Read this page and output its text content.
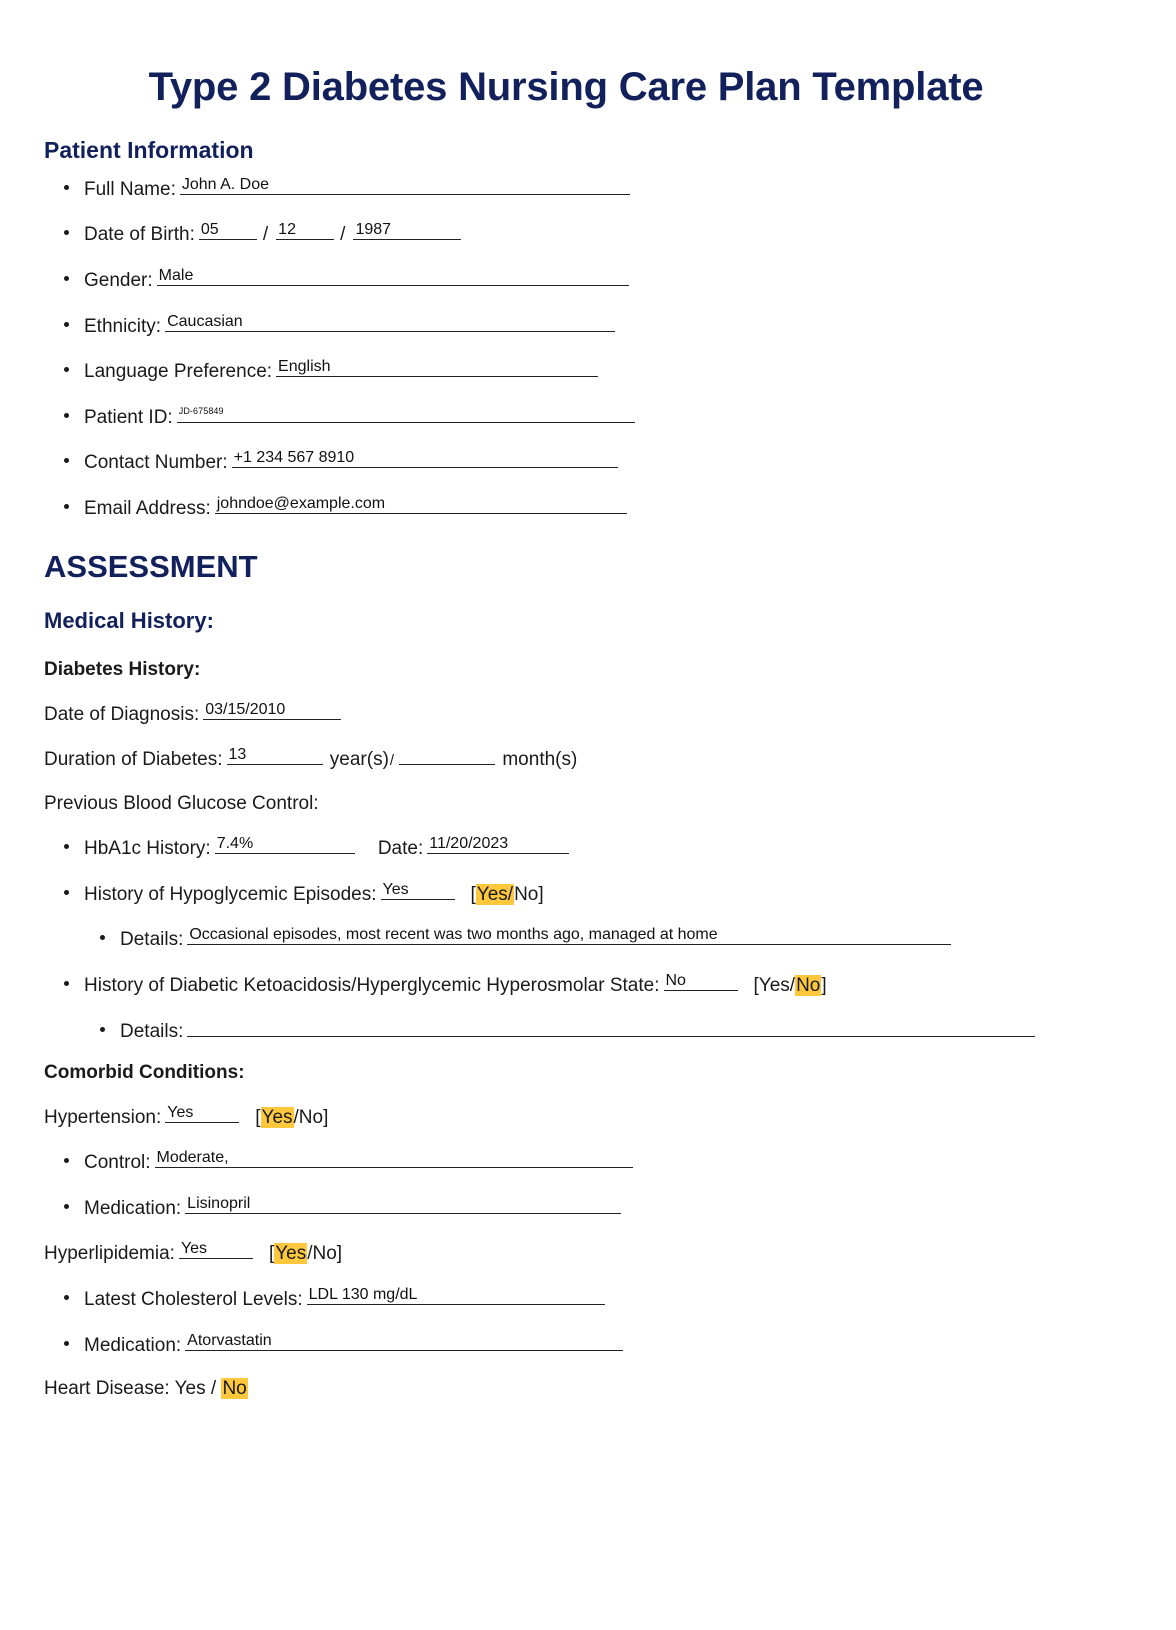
Type 2 Diabetes Nursing Care Plan Template
Patient Information
Full Name: John A. Doe
Date of Birth: 05 / 12 / 1987
Gender: Male
Ethnicity: Caucasian
Language Preference: English
Patient ID: JD-675849
Contact Number: +1 234 567 8910
Email Address: johndoe@example.com
ASSESSMENT
Medical History:
Diabetes History:

Date of Diagnosis: 03/15/2010

Duration of Diabetes: 13	year(s)/	month(s)

Previous Blood Glucose Control:

HbA1c History: 7.4%	Date: 11/20/2023
History of Hypoglycemic Episodes: Yes	[Yes/No]
Details: Occasional episodes, most recent was two months ago, managed at home
History of Diabetic Ketoacidosis/Hyperglycemic Hyperosmolar State: No	[Yes/No]
Details:
Comorbid Conditions:

Hypertension: Yes	[Yes/No]

Control: Moderate,
Medication: Lisinopril

Hyperlipidemia: Yes	[Yes/No]

Latest Cholesterol Levels: LDL 130 mg/dL
Medication: Atorvastatin

Heart Disease: Yes / No
